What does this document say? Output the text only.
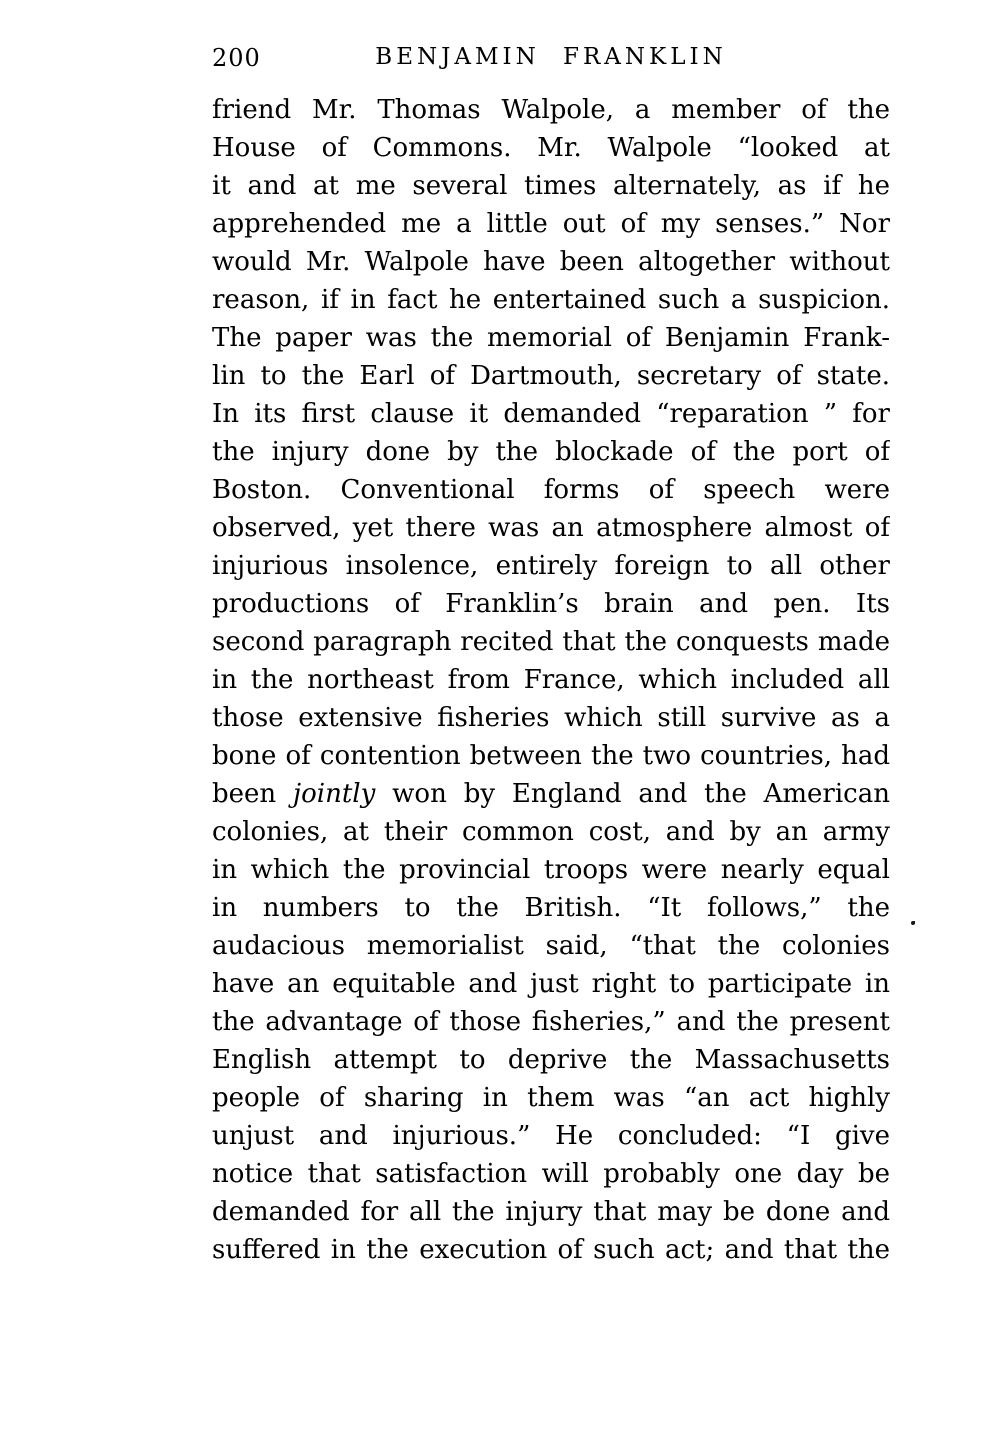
200	BENJAMIN FRANKLIN
friend Mr. Thomas Walpole, a member of the
House of Commons. Mr. Walpole “looked at
it and at me several times alternately, as if he
apprehended me a little out of my senses.” Nor
would Mr. Walpole have been altogether without
reason, if in fact he entertained such a suspicion.
The paper was the memorial of Benjamin Frank-
lin to the Earl of Dartmouth, secretary of state.
In its first clause it demanded “reparation ” for
the injury done by the blockade of the port of
Boston. Conventional forms of speech were
observed, yet there was an atmosphere almost of
injurious insolence, entirely foreign to all other
productions of Franklin’s brain and pen. Its
second paragraph recited that the conquests made
in the northeast from France, which included all
those extensive fisheries which still survive as a
bone of contention between the two countries, had
been jointly won by England and the American
colonies, at their common cost, and by an army
in which the provincial troops were nearly equal
in numbers to the British. “It follows,” the
audacious memorialist said, “that the colonies
have an equitable and just right to participate in
the advantage of those fisheries,” and the present
English attempt to deprive the Massachusetts
people of sharing in them was “an act highly
unjust and injurious.” He concluded: “I give
notice that satisfaction will probably one day be
demanded for all the injury that may be done and
suffered in the execution of such act; and that the
